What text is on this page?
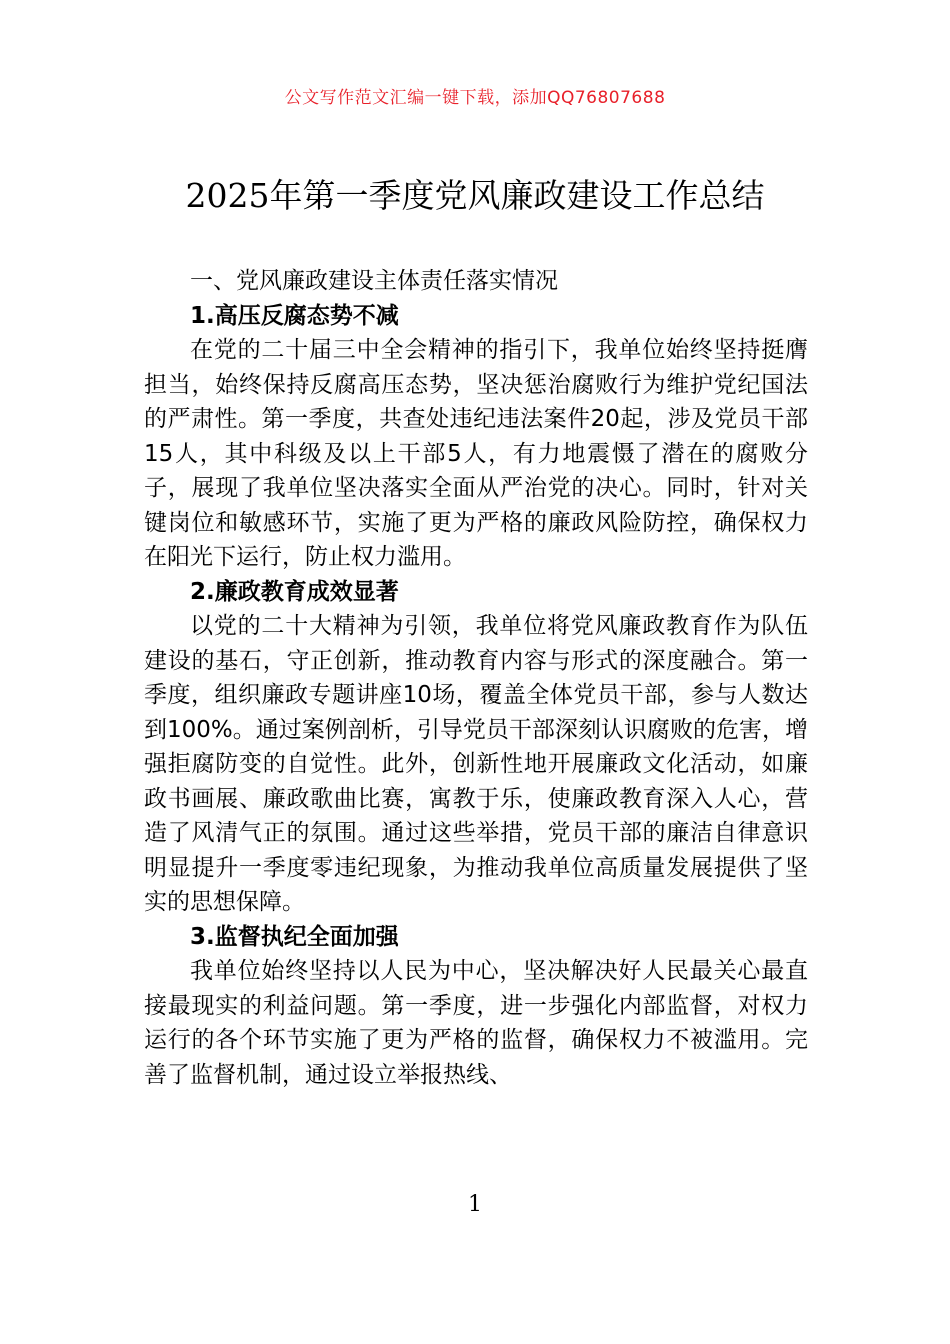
公文写作范文汇编一键下载，添加QQ76807688
2025年第一季度党风廉政建设工作总结

一、党风廉政建设主体责任落实情况

1.高压反腐态势不减

在党的二十届三中全会精神的指引下，我单位始终坚持挺膺担当，始终保持反腐高压态势，坚决惩治腐败行为维护党纪国法的严肃性。第一季度，共查处违纪违法案件20起，涉及党员干部15人，其中科级及以上干部5人，有力地震慑了潜在的腐败分子，展现了我单位坚决落实全面从严治党的决心。同时，针对关键岗位和敏感环节，实施了更为严格的廉政风险防控，确保权力在阳光下运行，防止权力滥用。

2.廉政教育成效显著

以党的二十大精神为引领，我单位将党风廉政教育作为队伍建设的基石，守正创新，推动教育内容与形式的深度融合。第一季度，组织廉政专题讲座10场，覆盖全体党员干部，参与人数达到100%。通过案例剖析，引导党员干部深刻认识腐败的危害，增强拒腐防变的自觉性。此外，创新性地开展廉政文化活动，如廉政书画展、廉政歌曲比赛，寓教于乐，使廉政教育深入人心，营造了风清气正的氛围。通过这些举措，党员干部的廉洁自律意识明显提升一季度零违纪现象，为推动我单位高质量发展提供了坚实的思想保障。

3.监督执纪全面加强

我单位始终坚持以人民为中心，坚决解决好人民最关心最直接最现实的利益问题。第一季度，进一步强化内部监督，对权力运行的各个环节实施了更为严格的监督，确保权力不被滥用。完善了监督机制，通过设立举报热线、

1
